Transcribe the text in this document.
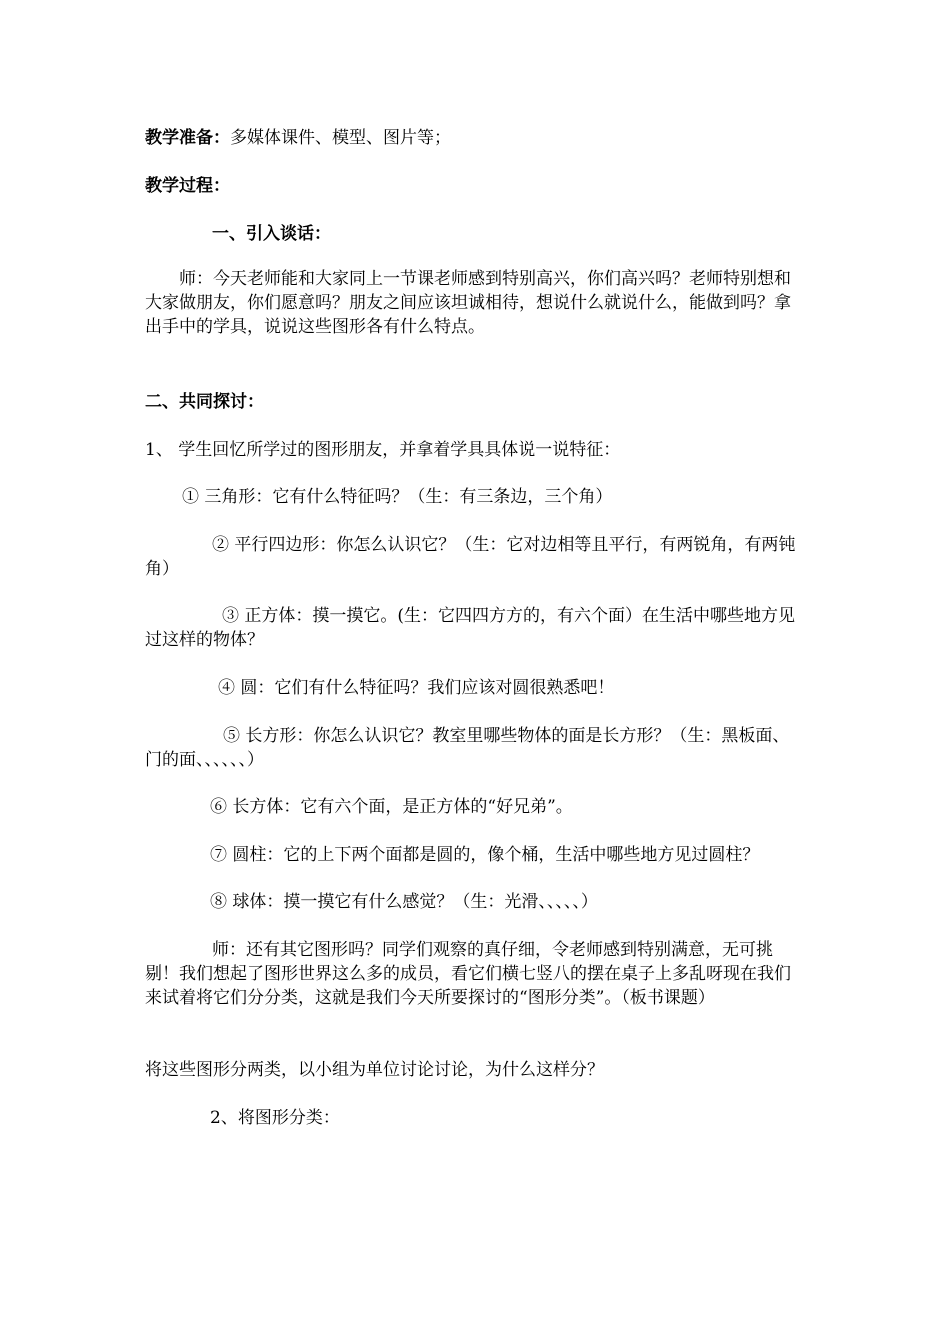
教学准备：多媒体课件、模型、图片等；

教学过程：

一、引入谈话：

师：今天老师能和大家同上一节课老师感到特别高兴，你们高兴吗？老师特别想和大家做朋友，你们愿意吗？朋友之间应该坦诚相待，想说什么就说什么，能做到吗？拿出手中的学具，说说这些图形各有什么特点。

二、共同探讨：

1、 学生回忆所学过的图形朋友，并拿着学具具体说一说特征：

① 三角形：它有什么特征吗？（生：有三条边，三个角）

② 平行四边形：你怎么认识它？（生：它对边相等且平行，有两锐角，有两钝角）

③ 正方体：摸一摸它。(生：它四四方方的，有六个面）在生活中哪些地方见过这样的物体？

④ 圆：它们有什么特征吗？我们应该对圆很熟悉吧！

⑤ 长方形：你怎么认识它？教室里哪些物体的面是长方形？（生：黑板面、门的面、、、、、、）

⑥ 长方体：它有六个面，是正方体的“好兄弟”。

⑦ 圆柱：它的上下两个面都是圆的，像个桶，生活中哪些地方见过圆柱？

⑧ 球体：摸一摸它有什么感觉？（生：光滑、、、、、）

师：还有其它图形吗？同学们观察的真仔细，令老师感到特别满意，无可挑剔！我们想起了图形世界这么多的成员，看它们横七竖八的摆在桌子上多乱呀现在我们来试着将它们分分类，这就是我们今天所要探讨的“图形分类”。（板书课题）

将这些图形分两类，以小组为单位讨论讨论，为什么这样分？

2、将图形分类：
